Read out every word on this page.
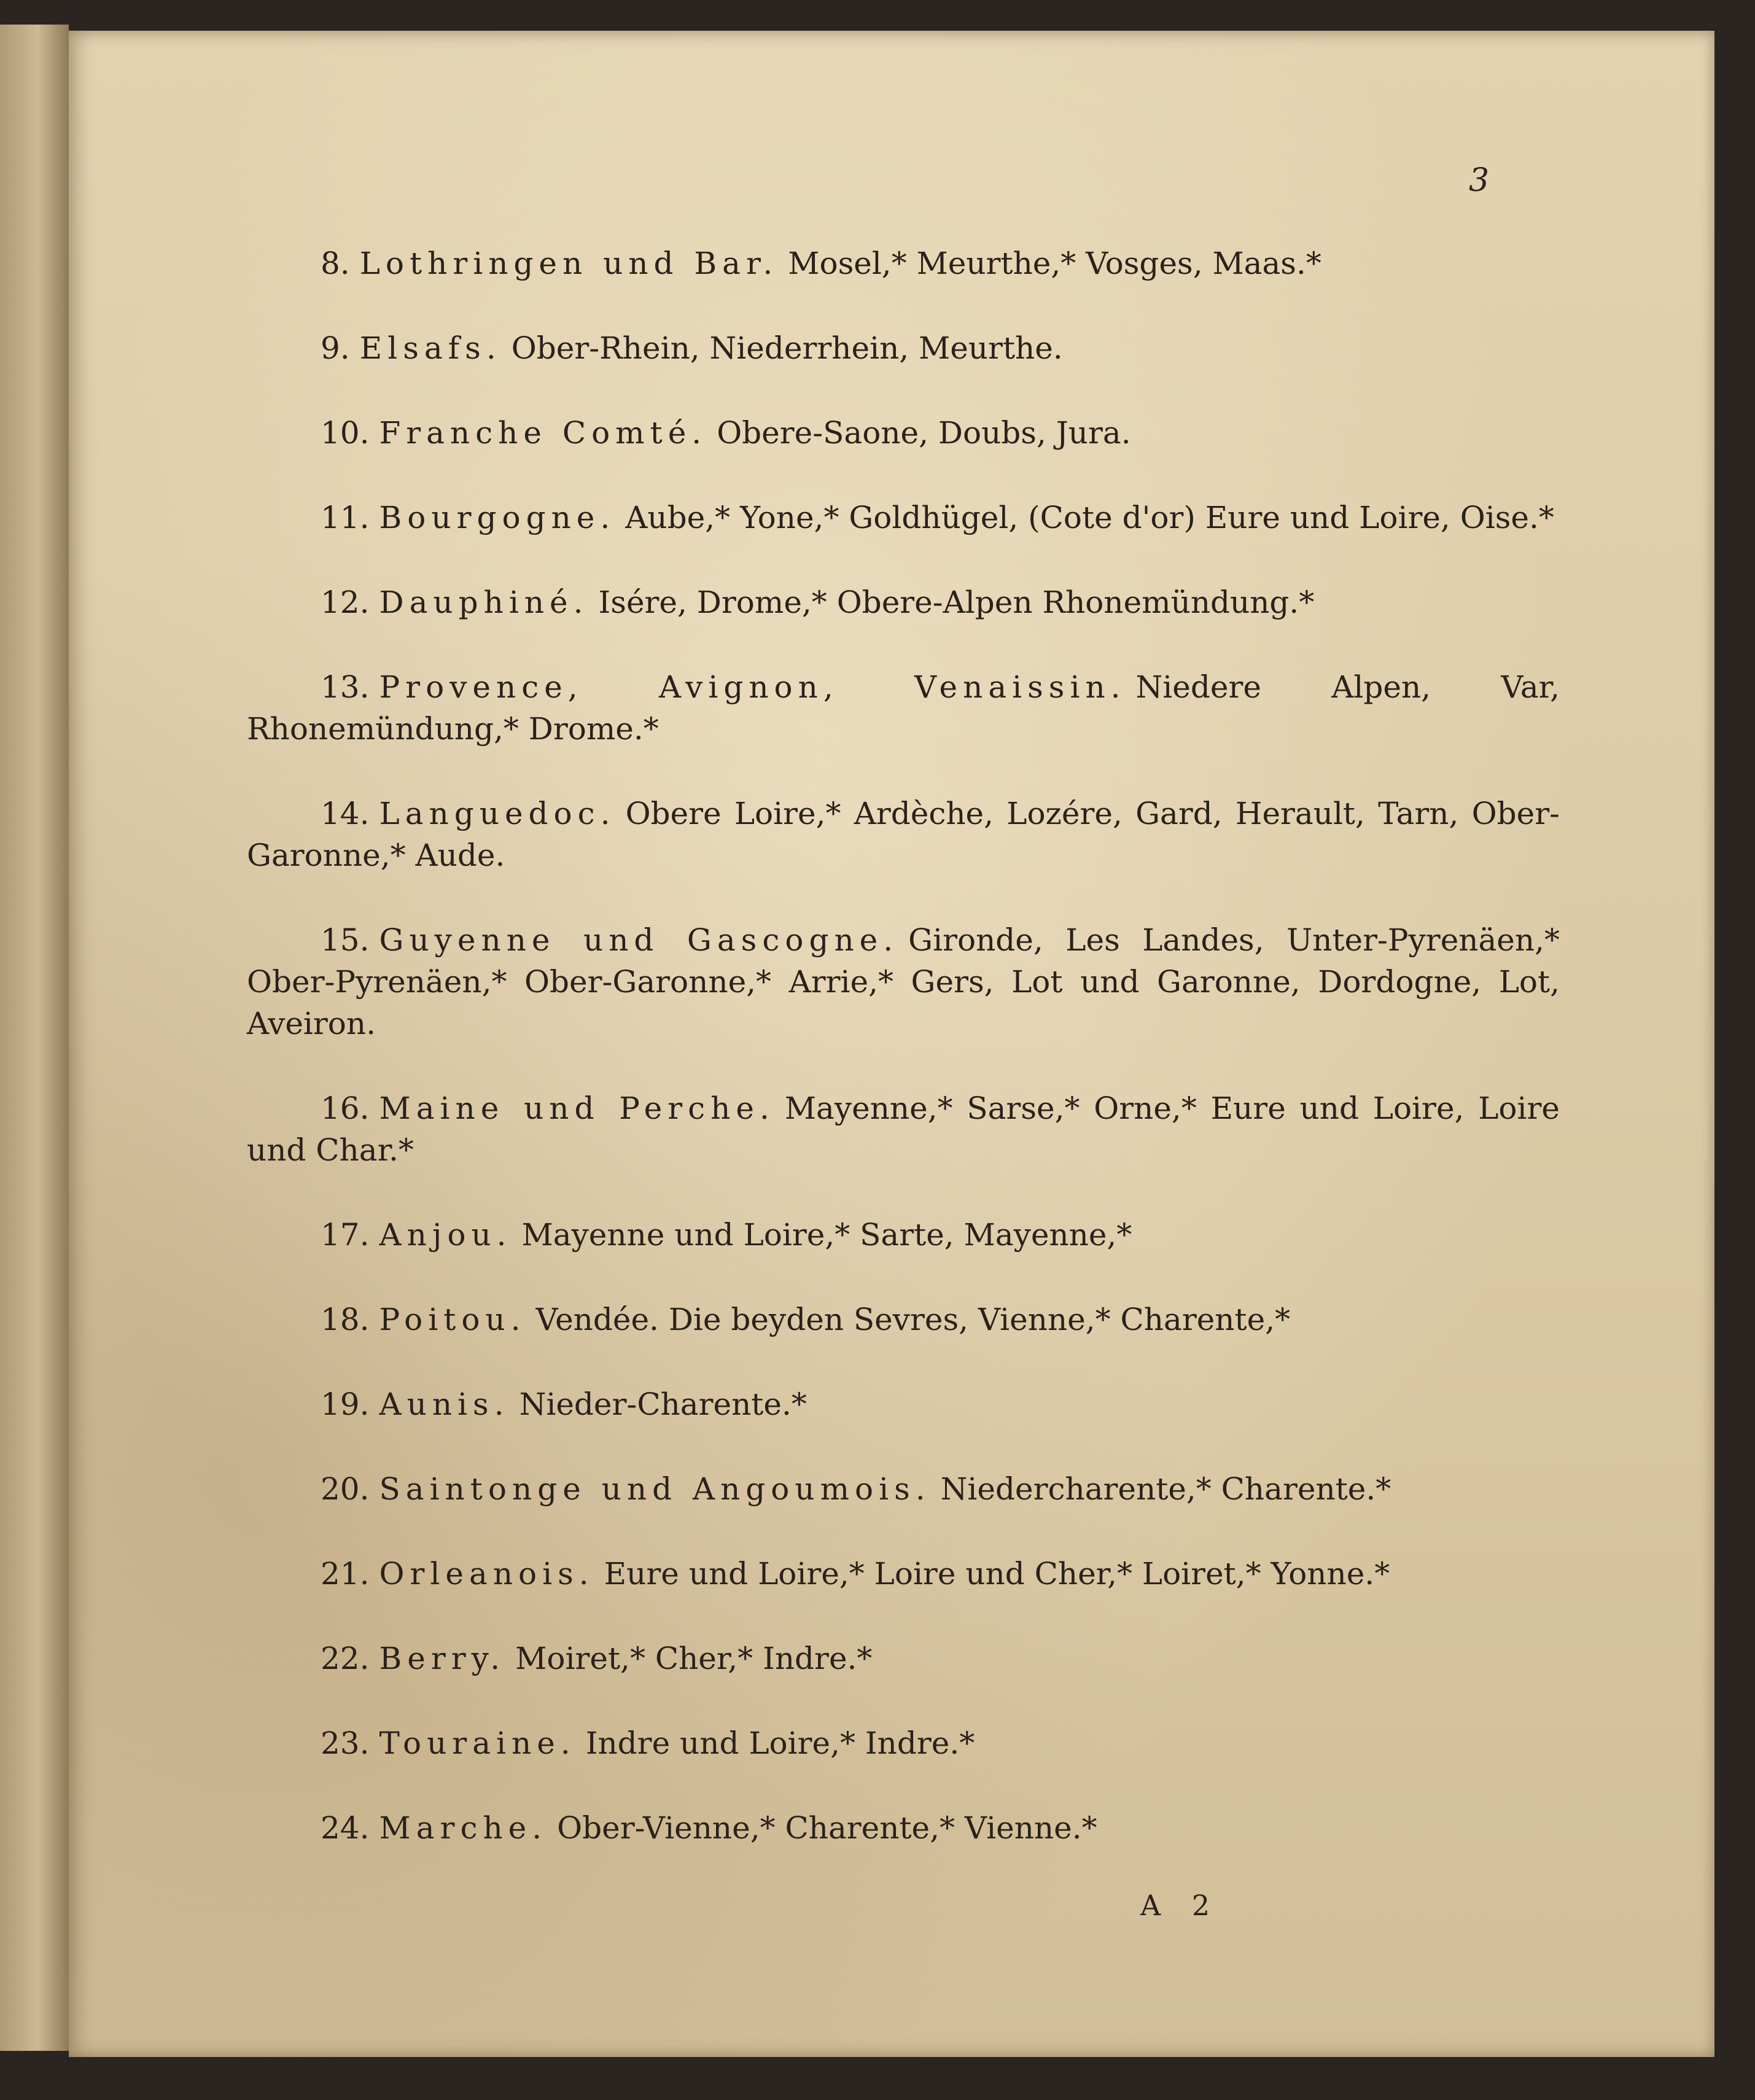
3

8. Lothringen und Bar. Mosel,* Meurthe,* Vosges, Maas.*

9. Elsafs. Ober-Rhein, Niederrhein, Meurthe.

10. Franche Comté. Obere-Saone, Doubs, Jura.

11. Bourgogne. Aube,* Yone,* Goldhügel, (Cote d'or) Eure und Loire, Oise.*

12. Dauphiné. Isére, Drome,* Obere-Alpen Rhonemündung.*

13. Provence, Avignon, Venaissin. Niedere Alpen, Var, Rhonemündung,* Drome.*

14. Languedoc. Obere Loire,* Ardèche, Lozére, Gard, Herault, Tarn, Ober-Garonne,* Aude.

15. Guyenne und Gascogne. Gironde, Les Landes, Unter-Pyrenäen,* Ober-Pyrenäen,* Ober-Garonne,* Arrie,* Gers, Lot und Garonne, Dordogne, Lot, Aveiron.

16. Maine und Perche. Mayenne,* Sarse,* Orne,* Eure und Loire, Loire und Char.*

17. Anjou. Mayenne und Loire,* Sarte, Mayenne,*

18. Poitou. Vendée. Die beyden Sevres, Vienne,* Charente,*

19. Aunis. Nieder-Charente.*

20. Saintonge und Angoumois. Niedercharente,* Charente.*

21. Orleanois. Eure und Loire,* Loire und Cher,* Loiret,* Yonne.*

22. Berry. Moiret,* Cher,* Indre.*

23. Touraine. Indre und Loire,* Indre.*

24. Marche. Ober-Vienne,* Charente,* Vienne.*

A 2
